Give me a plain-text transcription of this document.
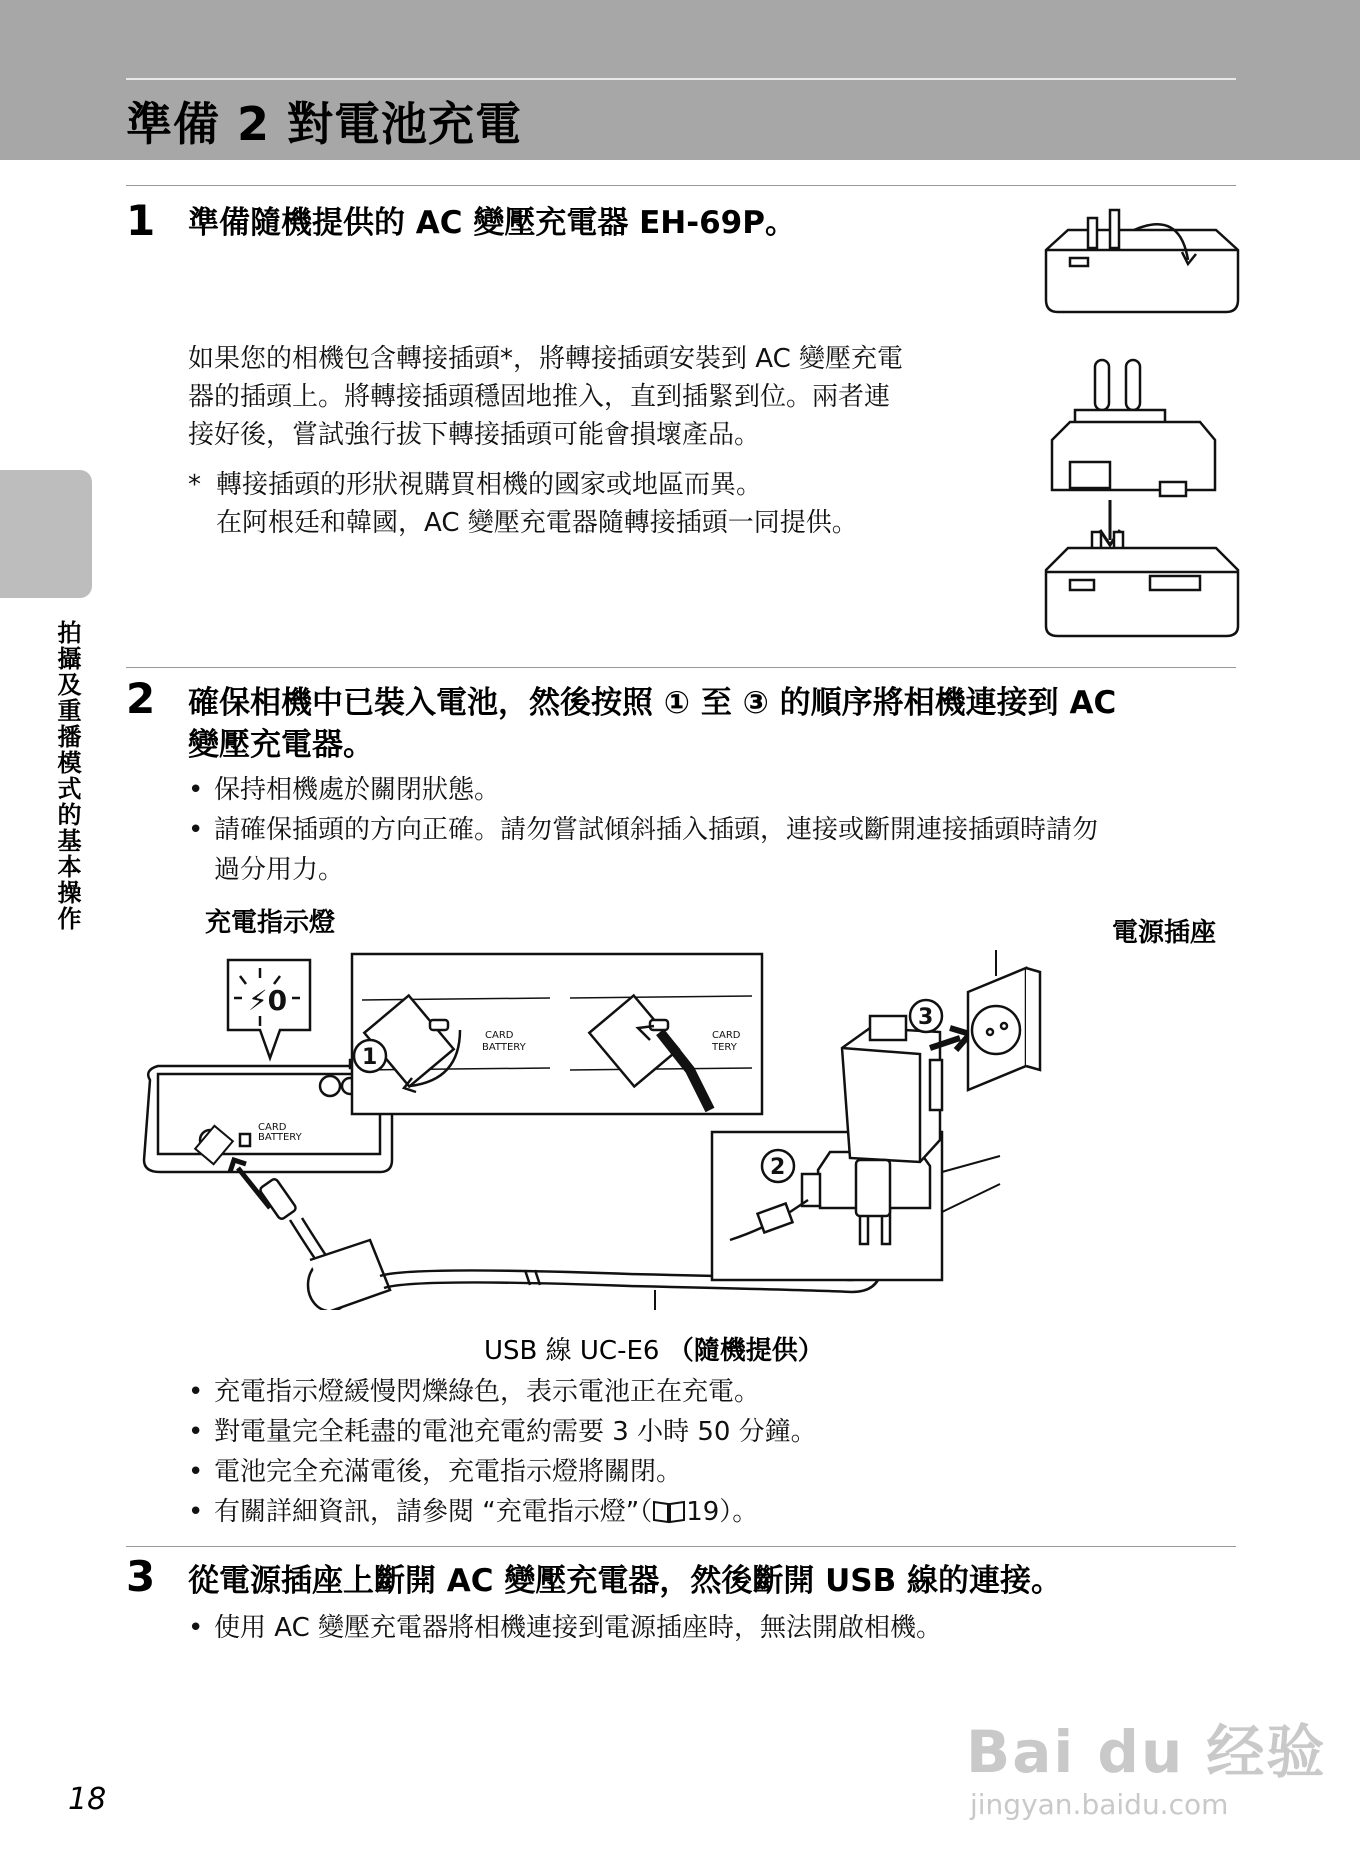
準備 2 對電池充電
拍攝及重播模式的基本操作
1 準備隨機提供的 AC 變壓充電器 EH-69P。
如果您的相機包含轉接插頭*，將轉接插頭安裝到 AC 變壓充電
器的插頭上。將轉接插頭穩固地推入，直到插緊到位。兩者連
接好後，嘗試強行拔下轉接插頭可能會損壞產品。
* 轉接插頭的形狀視購買相機的國家或地區而異。
在阿根廷和韓國，AC 變壓充電器隨轉接插頭一同提供。
2 確保相機中已裝入電池，然後按照 ① 至 ③ 的順序將相機連接到 AC
變壓充電器。
• 保持相機處於關閉狀態。
• 請確保插頭的方向正確。請勿嘗試傾斜插入插頭，連接或斷開連接插頭時請勿
過分用力。
充電指示燈	電源插座
⚡0
CARD
BATTERY
CARD
BATTERY
CARD
TERY
1
2
3
USB 線 UC-E6 （隨機提供）
• 充電指示燈緩慢閃爍綠色，表示電池正在充電。
• 對電量完全耗盡的電池充電約需要 3 小時 50 分鐘。
• 電池完全充滿電後，充電指示燈將關閉。
• 有關詳細資訊，請參閱 “充電指示燈”（ 19）。
3 從電源插座上斷開 AC 變壓充電器，然後斷開 USB 線的連接。
• 使用 AC 變壓充電器將相機連接到電源插座時，無法開啟相機。
18
Bai du 经验
jingyan.baidu.com
